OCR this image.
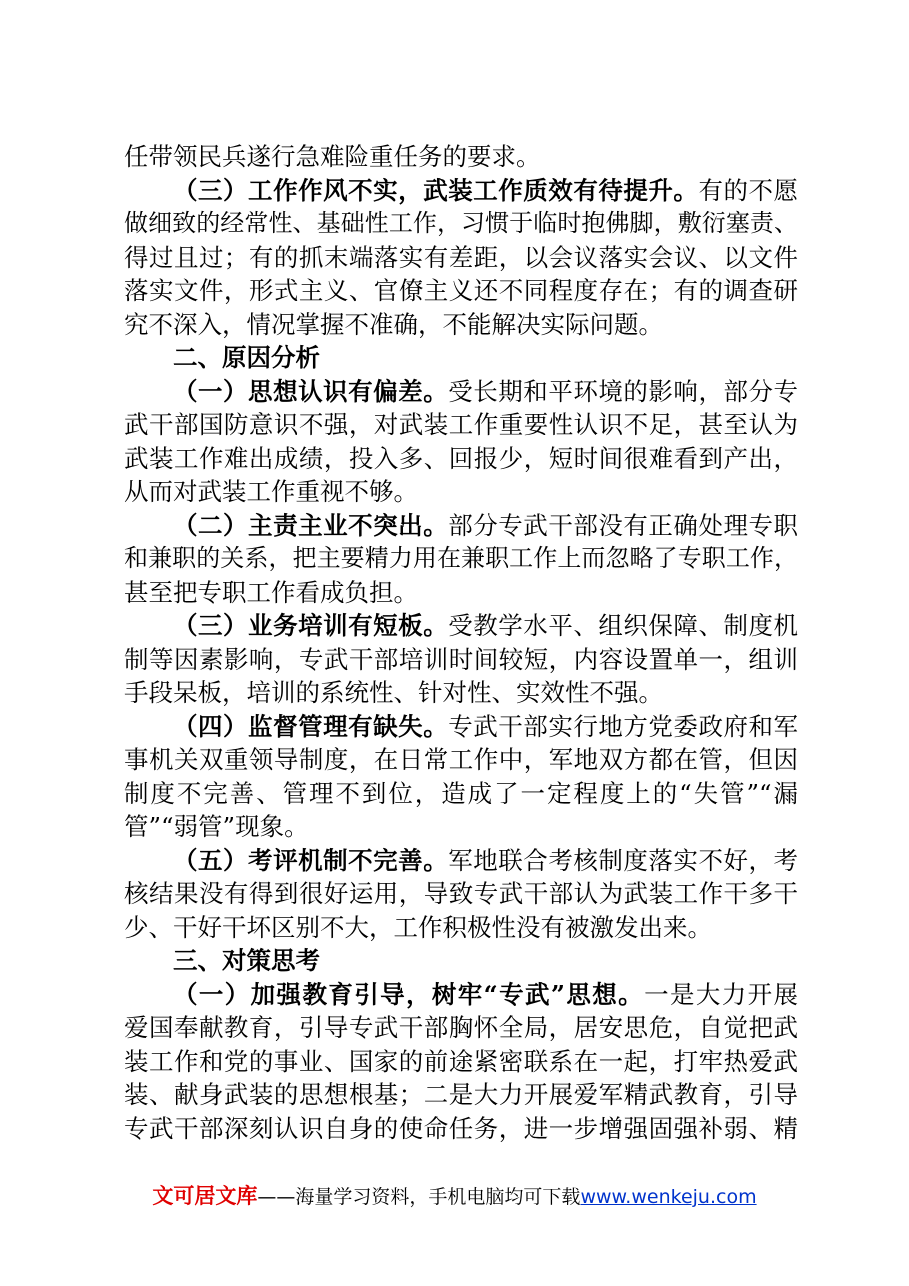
任带领民兵遂行急难险重任务的要求。
（三）工作作风不实，武装工作质效有待提升。有的不愿
做细致的经常性、基础性工作，习惯于临时抱佛脚，敷衍塞责、
得过且过；有的抓末端落实有差距，以会议落实会议、以文件
落实文件，形式主义、官僚主义还不同程度存在；有的调查研
究不深入，情况掌握不准确，不能解决实际问题。
二、原因分析
（一）思想认识有偏差。受长期和平环境的影响，部分专
武干部国防意识不强，对武装工作重要性认识不足，甚至认为
武装工作难出成绩，投入多、回报少，短时间很难看到产出，
从而对武装工作重视不够。
（二）主责主业不突出。部分专武干部没有正确处理专职
和兼职的关系，把主要精力用在兼职工作上而忽略了专职工作，
甚至把专职工作看成负担。
（三）业务培训有短板。受教学水平、组织保障、制度机
制等因素影响，专武干部培训时间较短，内容设置单一，组训
手段呆板，培训的系统性、针对性、实效性不强。
（四）监督管理有缺失。专武干部实行地方党委政府和军
事机关双重领导制度，在日常工作中，军地双方都在管，但因
制度不完善、管理不到位，造成了一定程度上的“失管”“漏
管”“弱管”现象。
（五）考评机制不完善。军地联合考核制度落实不好，考
核结果没有得到很好运用，导致专武干部认为武装工作干多干
少、干好干坏区别不大，工作积极性没有被激发出来。
三、对策思考
（一）加强教育引导，树牢“专武”思想。一是大力开展
爱国奉献教育，引导专武干部胸怀全局，居安思危，自觉把武
装工作和党的事业、国家的前途紧密联系在一起，打牢热爱武
装、献身武装的思想根基；二是大力开展爱军精武教育，引导
专武干部深刻认识自身的使命任务，进一步增强固强补弱、精
文可居文库——海量学习资料，手机电脑均可下载www.wenkeju.com
